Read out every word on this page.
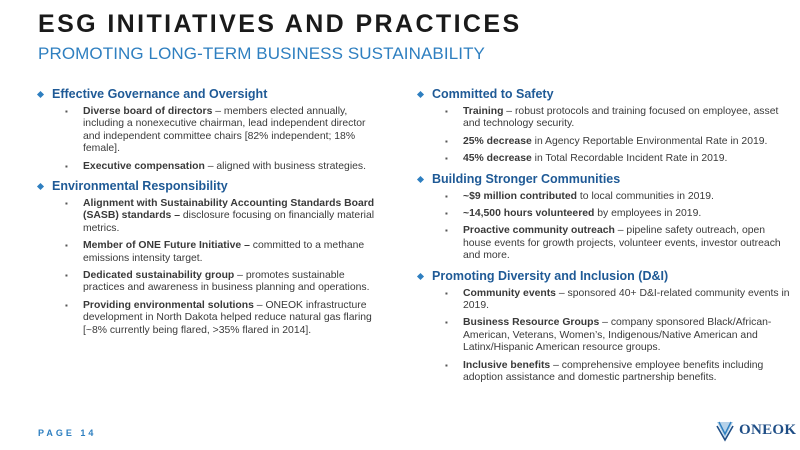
ESG INITIATIVES AND PRACTICES
PROMOTING LONG-TERM BUSINESS SUSTAINABILITY
Effective Governance and Oversight
▪	Diverse board of directors – members elected annually, including a nonexecutive chairman, lead independent director and independent committee chairs [82% independent; 18% female].
▪	Executive compensation – aligned with business strategies.
Environmental Responsibility
▪	Alignment with Sustainability Accounting Standards Board (SASB) standards – disclosure focusing on financially material metrics.
▪	Member of ONE Future Initiative – committed to a methane emissions intensity target.
▪	Dedicated sustainability group – promotes sustainable practices and awareness in business planning and operations.
▪	Providing environmental solutions – ONEOK infrastructure development in North Dakota helped reduce natural gas flaring [~8% currently being flared, >35% flared in 2014].
Committed to Safety
▪	Training – robust protocols and training focused on employee, asset and technology security.
▪	25% decrease in Agency Reportable Environmental Rate in 2019.
▪	45% decrease in Total Recordable Incident Rate in 2019.
Building Stronger Communities
▪	~$9 million contributed to local communities in 2019.
▪	~14,500 hours volunteered by employees in 2019.
▪	Proactive community outreach – pipeline safety outreach, open house events for growth projects, volunteer events, investor outreach and more.
Promoting Diversity and Inclusion (D&I)
▪	Community events – sponsored 40+ D&I-related community events in 2019.
▪	Business Resource Groups – company sponsored Black/African-American, Veterans, Women’s, Indigenous/Native American and Latinx/Hispanic American resource groups.
▪	Inclusive benefits – comprehensive employee benefits including adoption assistance and domestic partnership benefits.
PAGE 14	ONEOK
